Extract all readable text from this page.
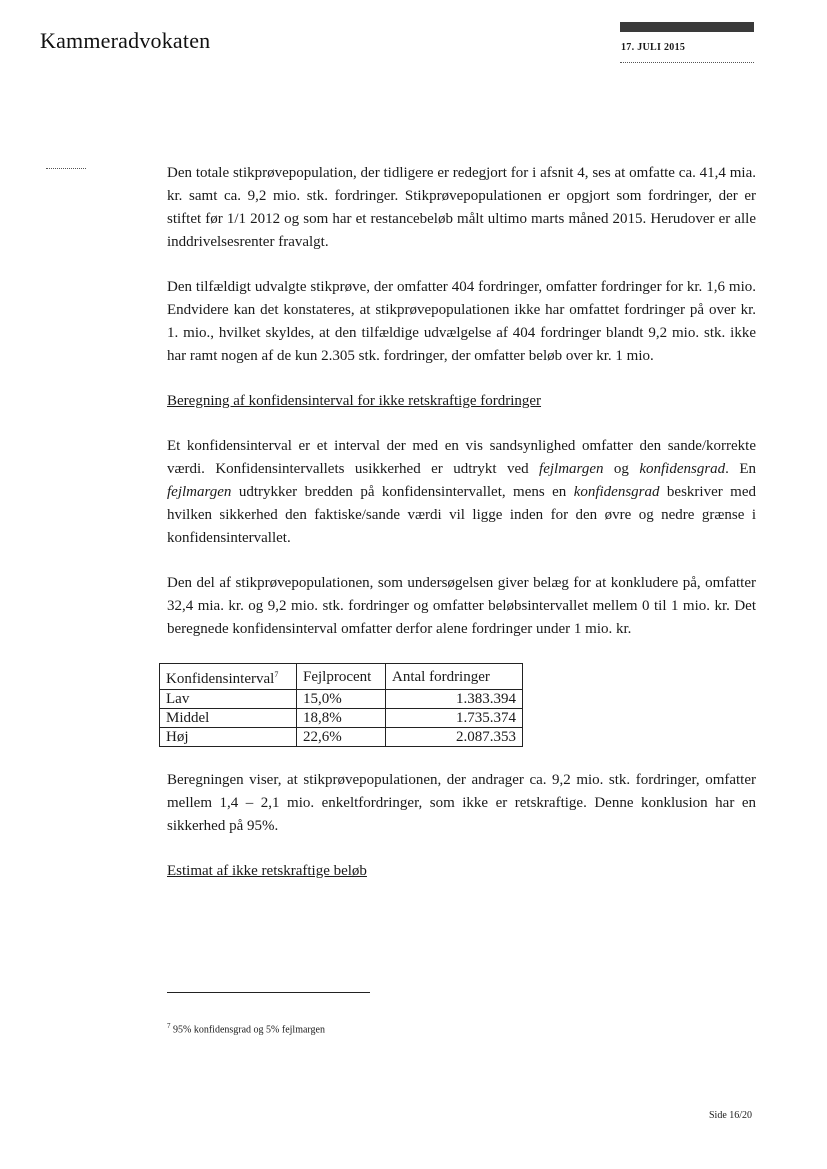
Kammeradvokaten	17. JULI 2015

Den totale stikprøvepopulation, der tidligere er redegjort for i afsnit 4, ses at omfatte ca. 41,4 mia. kr. samt ca. 9,2 mio. stk. fordringer. Stikprøvepopulationen er opgjort som fordringer, der er stiftet før 1/1 2012 og som har et restancebeløb målt ultimo marts måned 2015. Herudover er alle inddrivelsesrenter fravalgt.

Den tilfældigt udvalgte stikprøve, der omfatter 404 fordringer, omfatter fordringer for kr. 1,6 mio. Endvidere kan det konstateres, at stikprøvepopulationen ikke har omfattet fordringer på over kr. 1. mio., hvilket skyldes, at den tilfældige udvælgelse af 404 fordringer blandt 9,2 mio. stk. ikke har ramt nogen af de kun 2.305 stk. fordringer, der omfatter beløb over kr. 1 mio.

Beregning af konfidensinterval for ikke retskraftige fordringer

Et konfidensinterval er et interval der med en vis sandsynlighed omfatter den sande/korrekte værdi. Konfidensintervallets usikkerhed er udtrykt ved fejlmargen og konfidensgrad. En fejlmargen udtrykker bredden på konfidensintervallet, mens en konfidensgrad beskriver med hvilken sikkerhed den faktiske/sande værdi vil ligge inden for den øvre og nedre grænse i konfidensintervallet.

Den del af stikprøvepopulationen, som undersøgelsen giver belæg for at konkludere på, omfatter 32,4 mia. kr. og 9,2 mio. stk. fordringer og omfatter beløbsintervallet mellem 0 til 1 mio. kr. Det beregnede konfidensinterval omfatter derfor alene fordringer under 1 mio. kr.

Konfidensinterval$^7$	Fejlprocent	Antal fordringer
Lav	15,0%	1.383.394
Middel	18,8%	1.735.374
Høj	22,6%	2.087.353

Beregningen viser, at stikprøvepopulationen, der andrager ca. 9,2 mio. stk. fordringer, omfatter mellem 1,4 – 2,1 mio. enkeltfordringer, som ikke er retskraftige. Denne konklusion har en sikkerhed på 95%.

Estimat af ikke retskraftige beløb

$^7$ 95% konfidensgrad og 5% fejlmargen
Side 16/20
